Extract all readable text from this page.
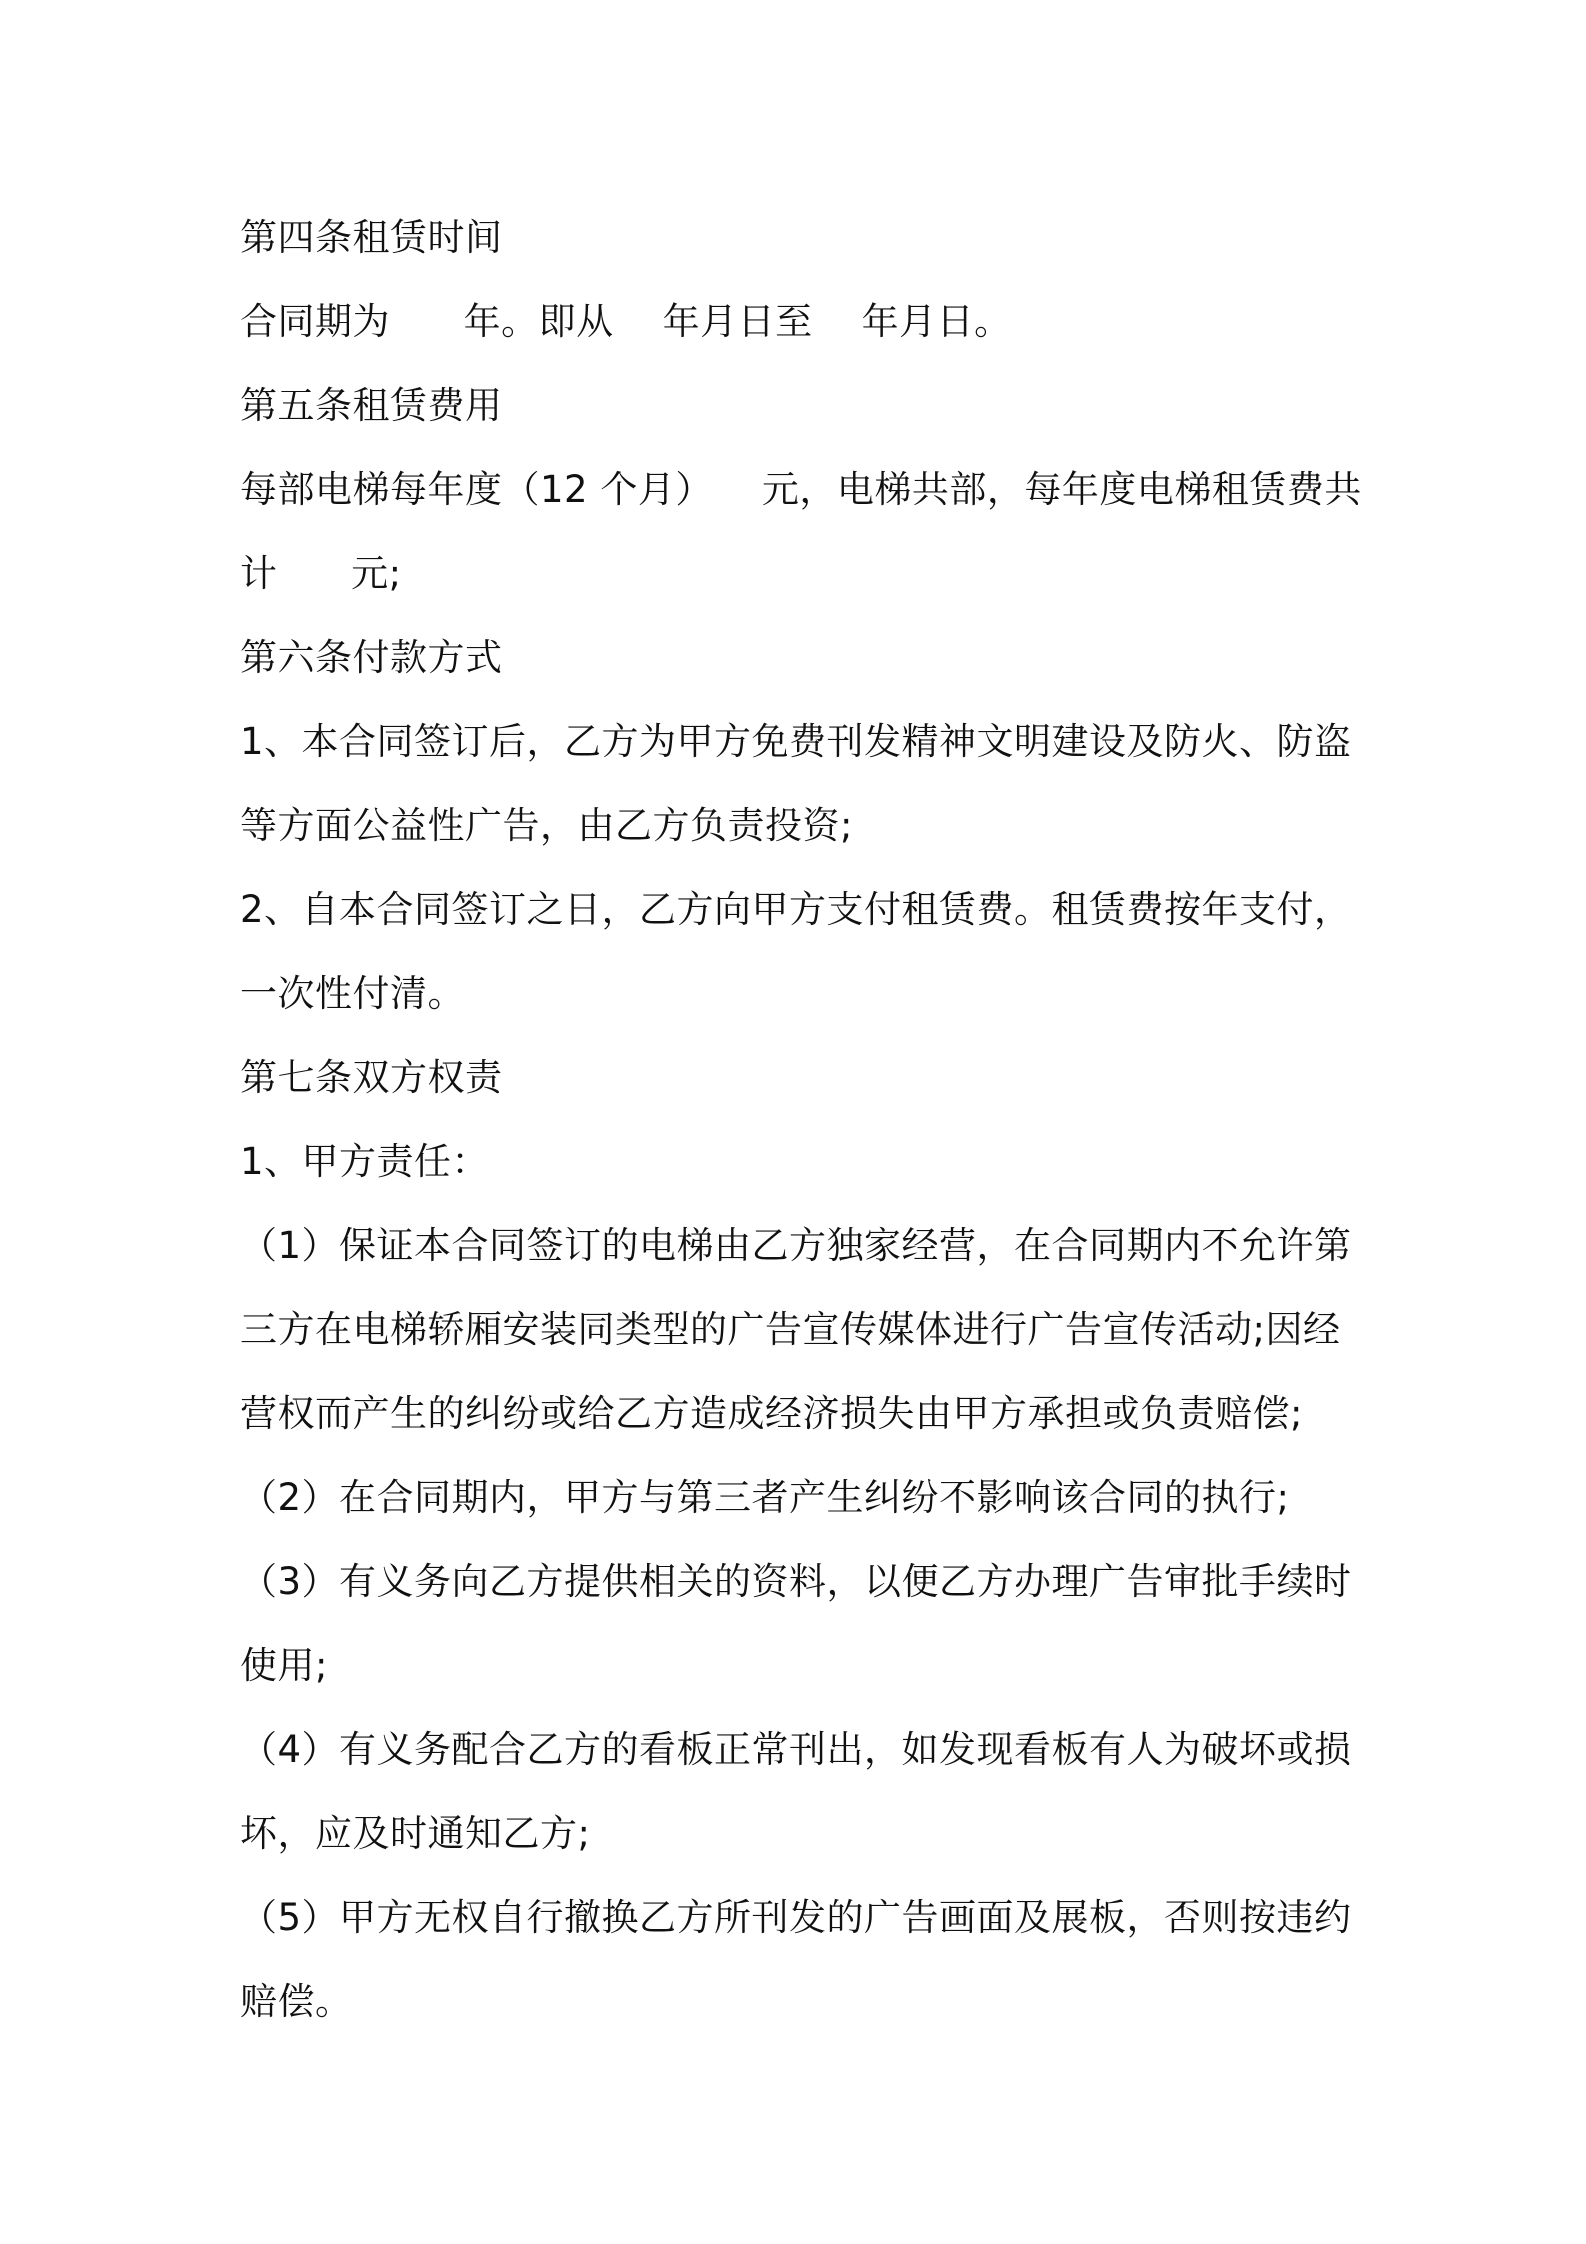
第四条租赁时间
合同期为      年。即从    年月日至    年月日。
第五条租赁费用
每部电梯每年度（12 个月）    元，电梯共部，每年度电梯租赁费共
计      元;
第六条付款方式
1、本合同签订后，乙方为甲方免费刊发精神文明建设及防火、防盗
等方面公益性广告，由乙方负责投资;
2、自本合同签订之日，乙方向甲方支付租赁费。租赁费按年支付，
一次性付清。
第七条双方权责
1、甲方责任：
（1）保证本合同签订的电梯由乙方独家经营，在合同期内不允许第
三方在电梯轿厢安装同类型的广告宣传媒体进行广告宣传活动;因经
营权而产生的纠纷或给乙方造成经济损失由甲方承担或负责赔偿;
（2）在合同期内，甲方与第三者产生纠纷不影响该合同的执行;
（3）有义务向乙方提供相关的资料，以便乙方办理广告审批手续时
使用;
（4）有义务配合乙方的看板正常刊出，如发现看板有人为破坏或损
坏，应及时通知乙方;
（5）甲方无权自行撤换乙方所刊发的广告画面及展板，否则按违约
赔偿。
